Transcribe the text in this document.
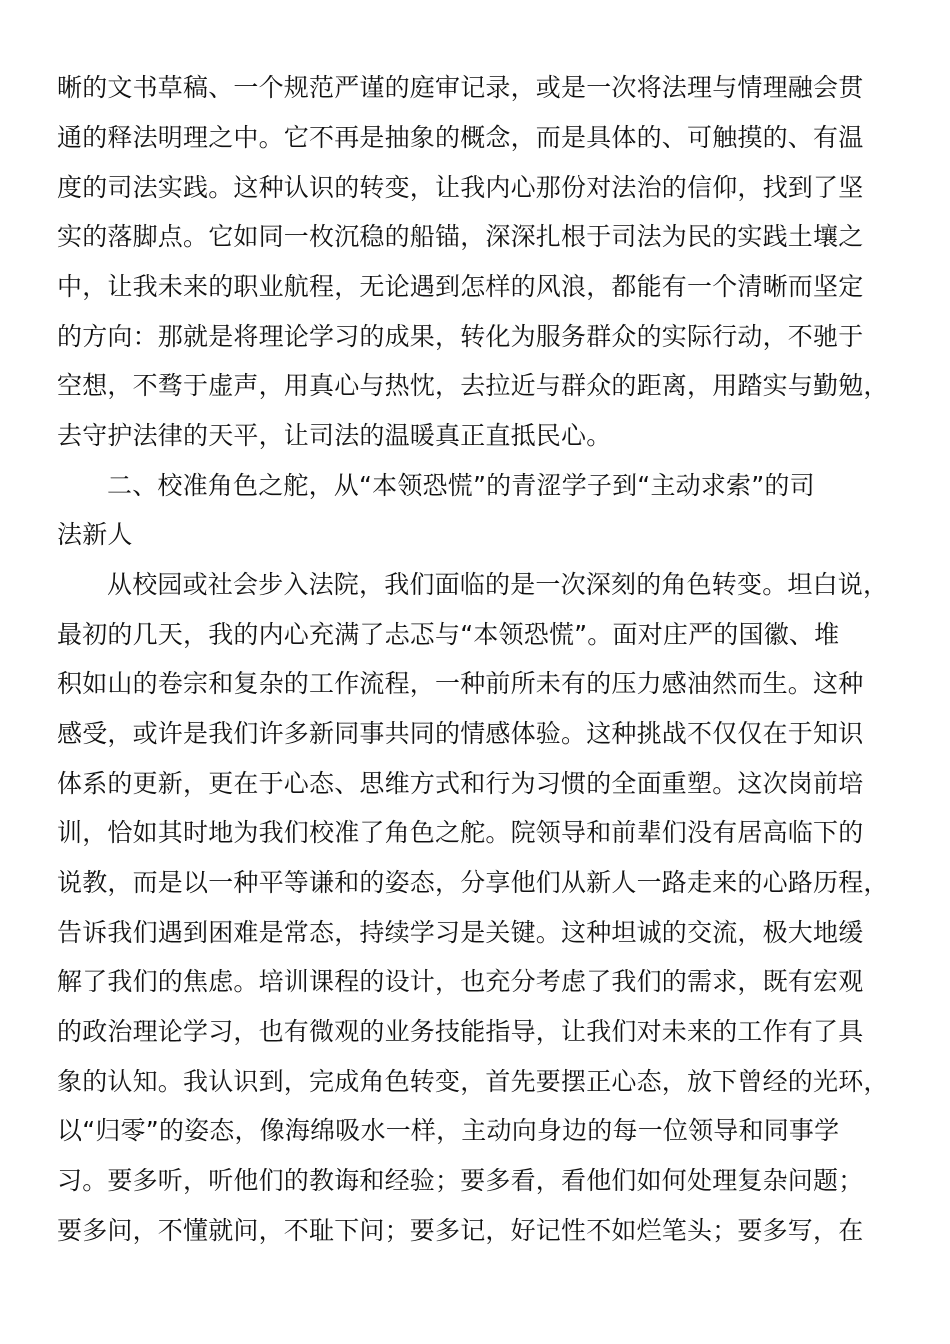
晰的文书草稿、一个规范严谨的庭审记录，或是一次将法理与情理融会贯
通的释法明理之中。它不再是抽象的概念，而是具体的、可触摸的、有温
度的司法实践。这种认识的转变，让我内心那份对法治的信仰，找到了坚
实的落脚点。它如同一枚沉稳的船锚，深深扎根于司法为民的实践土壤之
中，让我未来的职业航程，无论遇到怎样的风浪，都能有一个清晰而坚定
的方向：那就是将理论学习的成果，转化为服务群众的实际行动，不驰于
空想，不骛于虚声，用真心与热忱，去拉近与群众的距离，用踏实与勤勉，
去守护法律的天平，让司法的温暖真正直抵民心。
二、校准角色之舵，从“本领恐慌”的青涩学子到“主动求索”的司
法新人
从校园或社会步入法院，我们面临的是一次深刻的角色转变。坦白说，
最初的几天，我的内心充满了忐忑与“本领恐慌”。面对庄严的国徽、堆
积如山的卷宗和复杂的工作流程，一种前所未有的压力感油然而生。这种
感受，或许是我们许多新同事共同的情感体验。这种挑战不仅仅在于知识
体系的更新，更在于心态、思维方式和行为习惯的全面重塑。这次岗前培
训，恰如其时地为我们校准了角色之舵。院领导和前辈们没有居高临下的
说教，而是以一种平等谦和的姿态，分享他们从新人一路走来的心路历程，
告诉我们遇到困难是常态，持续学习是关键。这种坦诚的交流，极大地缓
解了我们的焦虑。培训课程的设计，也充分考虑了我们的需求，既有宏观
的政治理论学习，也有微观的业务技能指导，让我们对未来的工作有了具
象的认知。我认识到，完成角色转变，首先要摆正心态，放下曾经的光环，
以“归零”的姿态，像海绵吸水一样，主动向身边的每一位领导和同事学
习。要多听，听他们的教诲和经验；要多看，看他们如何处理复杂问题；
要多问，不懂就问，不耻下问；要多记，好记性不如烂笔头；要多写，在
